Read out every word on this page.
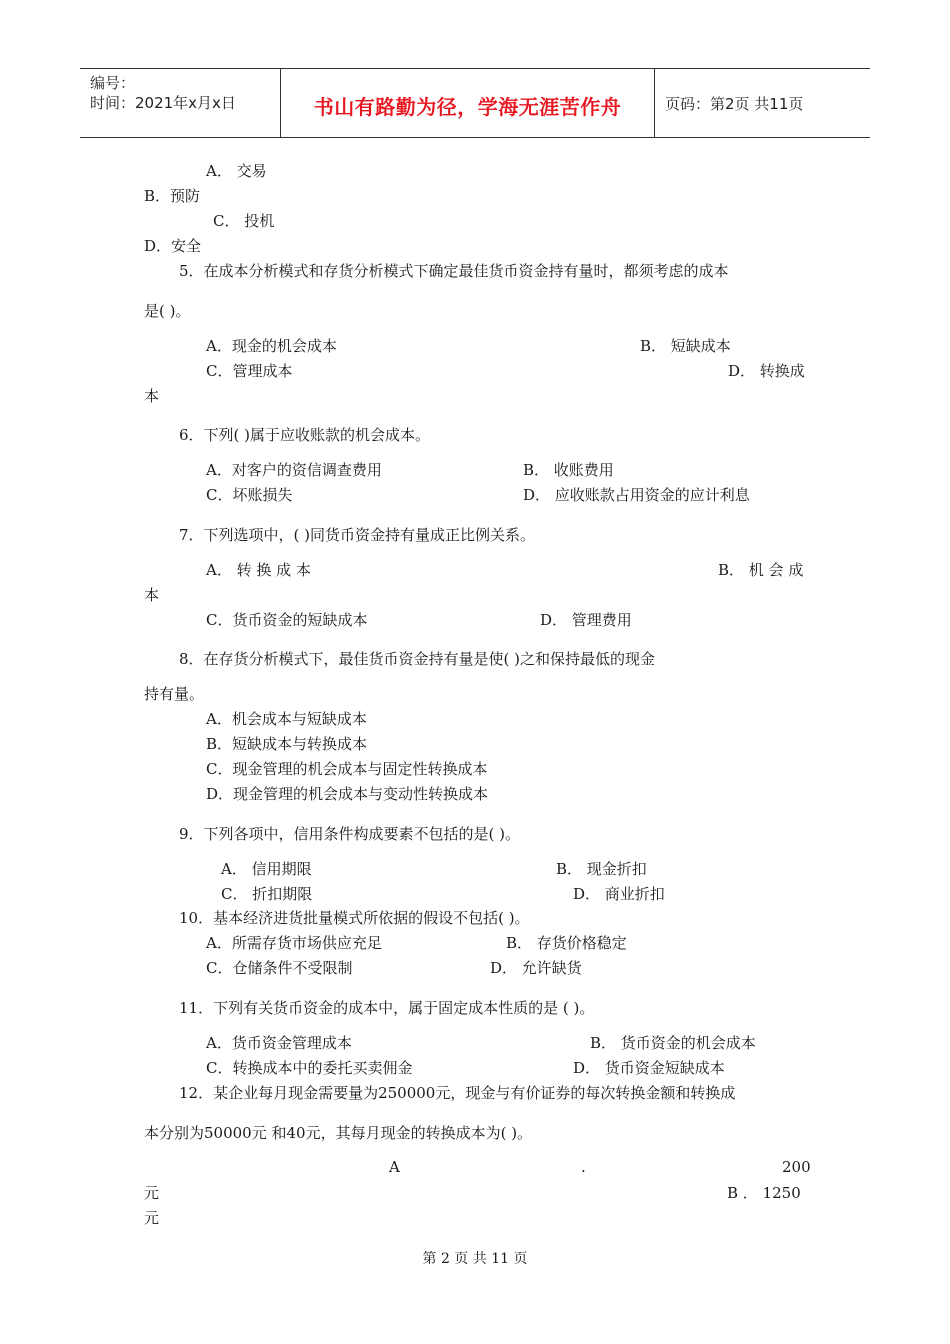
编号：
时间：2021年x月x日	书山有路勤为径，学海无涯苦作舟	页码：第2页 共11页
A． 交易
B．预防
C． 投机
D．安全
5．在成本分析模式和存货分析模式下确定最佳货币资金持有量时，都须考虑的成本
是( )。
A．现金的机会成本	B． 短缺成本
C．管理成本	D． 转换成
本
6．下列( )属于应收账款的机会成本。
A．对客户的资信调查费用	B． 收账费用
C．坏账损失	D． 应收账款占用资金的应计利息
7．下列选项中，( )同货币资金持有量成正比例关系。
A． 转 换 成 本	B． 机 会 成
本
C．货币资金的短缺成本	D． 管理费用
8．在存货分析模式下，最佳货币资金持有量是使( )之和保持最低的现金
持有量。
A．机会成本与短缺成本
B．短缺成本与转换成本
C．现金管理的机会成本与固定性转换成本
D．现金管理的机会成本与变动性转换成本
9．下列各项中，信用条件构成要素不包括的是( )。
A． 信用期限	B． 现金折扣
C． 折扣期限	D． 商业折扣
10．基本经济进货批量模式所依据的假设不包括( )。
A．所需存货市场供应充足	B． 存货价格稳定
C．仓储条件不受限制	D． 允许缺货
11．下列有关货币资金的成本中，属于固定成本性质的是 ( )。
A．货币资金管理成本	B． 货币资金的机会成本
C．转换成本中的委托买卖佣金	D． 货币资金短缺成本
12．某企业每月现金需要量为250000元，现金与有价证券的每次转换金额和转换成
本分别为50000元 和40元，其每月现金的转换成本为( )。
A	.	200
元	B ． 1250
元
第 2 页 共 11 页
